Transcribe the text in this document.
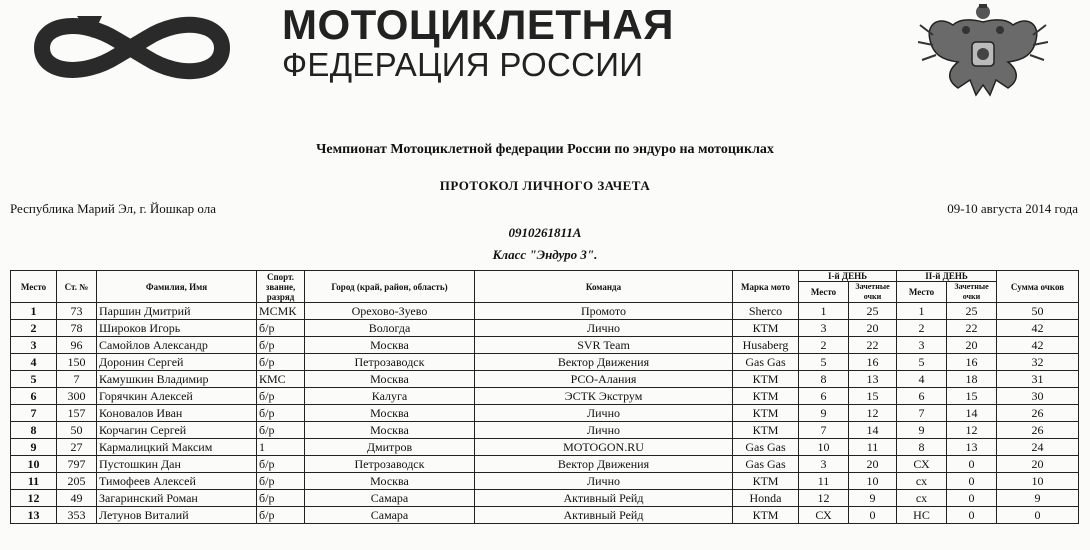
МОТОЦИКЛЕТНАЯ
ФЕДЕРАЦИЯ РОССИИ
Чемпионат Мотоциклетной федерации России по эндуро на мотоциклах
ПРОТОКОЛ ЛИЧНОГО ЗАЧЕТА
Республика Марий Эл, г. Йошкар ола	09-10 августа 2014 года
0910261811А
Класс "Эндуро 3".
Место	Ст. №	Фамилия, Имя	Спорт. звание, разряд	Город (край, район, область)	Команда	Марка мото	I-й ДЕНЬ		II-й ДЕНЬ		Сумма очков
							Место	Зачетные очки	Место	Зачетные очки	
1	73	Паршин Дмитрий	МСМК	Орехово-Зуево	Промото	Sherco	1	25	1	25	50
2	78	Широков Игорь	б/р	Вологда	Лично	КТМ	3	20	2	22	42
3	96	Самойлов Александр	б/р	Москва	SVR Team	Husaberg	2	22	3	20	42
4	150	Доронин Сергей	б/р	Петрозаводск	Вектор Движения	Gas Gas	5	16	5	16	32
5	7	Камушкин Владимир	КМС	Москва	РСО-Алания	КТМ	8	13	4	18	31
6	300	Горячкин Алексей	б/р	Калуга	ЭСТК Экструм	КТМ	6	15	6	15	30
7	157	Коновалов Иван	б/р	Москва	Лично	КТМ	9	12	7	14	26
8	50	Корчагин Сергей	б/р	Москва	Лично	КТМ	7	14	9	12	26
9	27	Кармалицкий Максим	1	Дмитров	MOTOGON.RU	Gas Gas	10	11	8	13	24
10	797	Пустошкин Дан	б/р	Петрозаводск	Вектор Движения	Gas Gas	3	20	СХ	0	20
11	205	Тимофеев Алексей	б/р	Москва	Лично	КТМ	11	10	сх	0	10
12	49	Загаринский Роман	б/р	Самара	Активный Рейд	Honda	12	9	сх	0	9
13	353	Летунов Виталий	б/р	Самара	Активный Рейд	КТМ	СХ	0	НС	0	0
